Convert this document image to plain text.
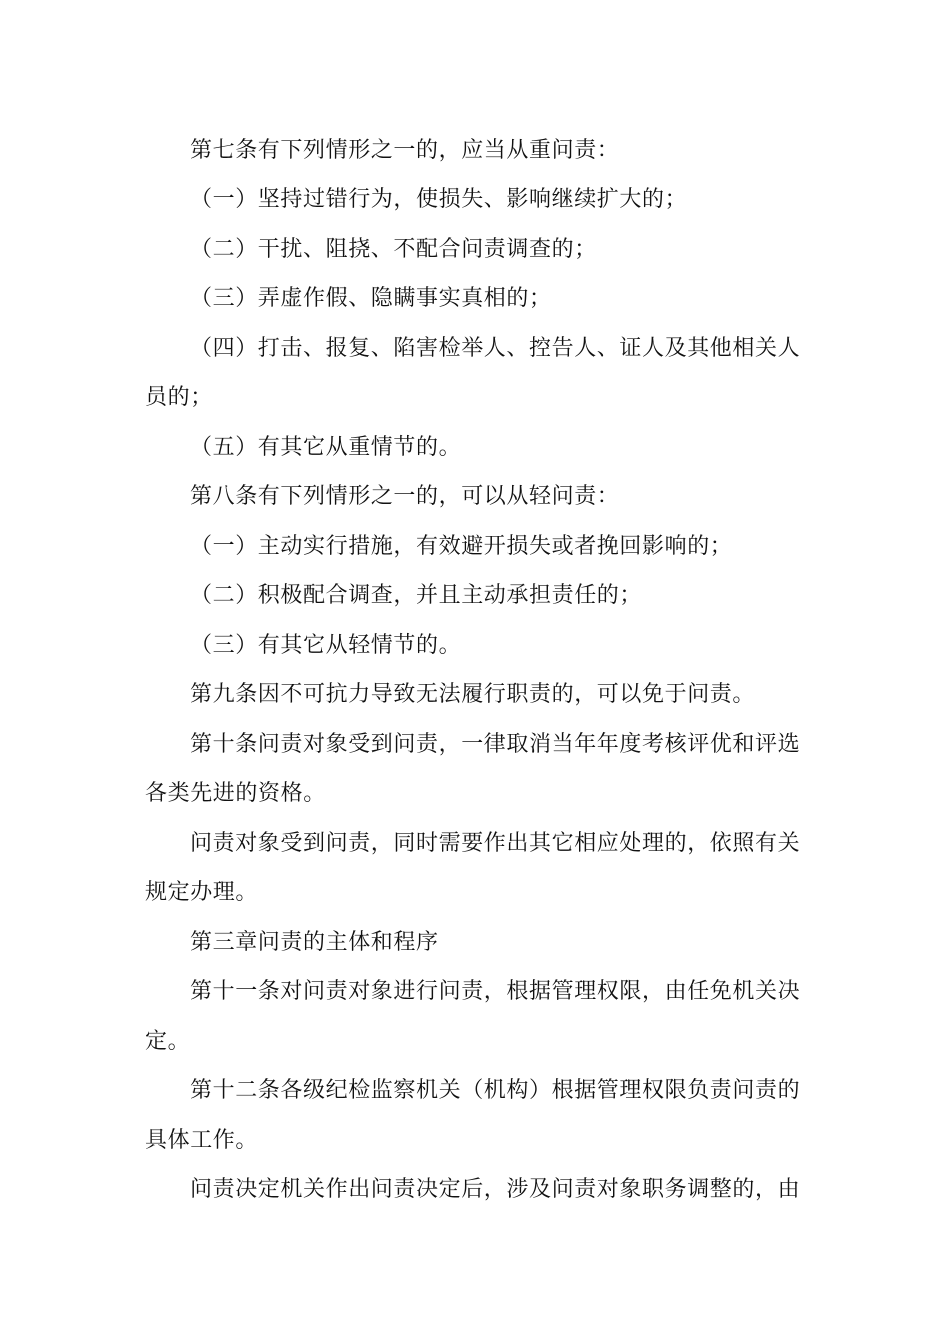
第七条有下列情形之一的，应当从重问责：
（一）坚持过错行为，使损失、影响继续扩大的；
（二）干扰、阻挠、不配合问责调查的；
（三）弄虚作假、隐瞒事实真相的；
（四）打击、报复、陷害检举人、控告人、证人及其他相关人
员的；
（五）有其它从重情节的。
第八条有下列情形之一的，可以从轻问责：
（一）主动实行措施，有效避开损失或者挽回影响的；
（二）积极配合调查，并且主动承担责任的；
（三）有其它从轻情节的。
第九条因不可抗力导致无法履行职责的，可以免于问责。
第十条问责对象受到问责，一律取消当年年度考核评优和评选
各类先进的资格。
问责对象受到问责，同时需要作出其它相应处理的，依照有关
规定办理。
第三章问责的主体和程序
第十一条对问责对象进行问责，根据管理权限，由任免机关决
定。
第十二条各级纪检监察机关（机构）根据管理权限负责问责的
具体工作。
问责决定机关作出问责决定后，涉及问责对象职务调整的，由
